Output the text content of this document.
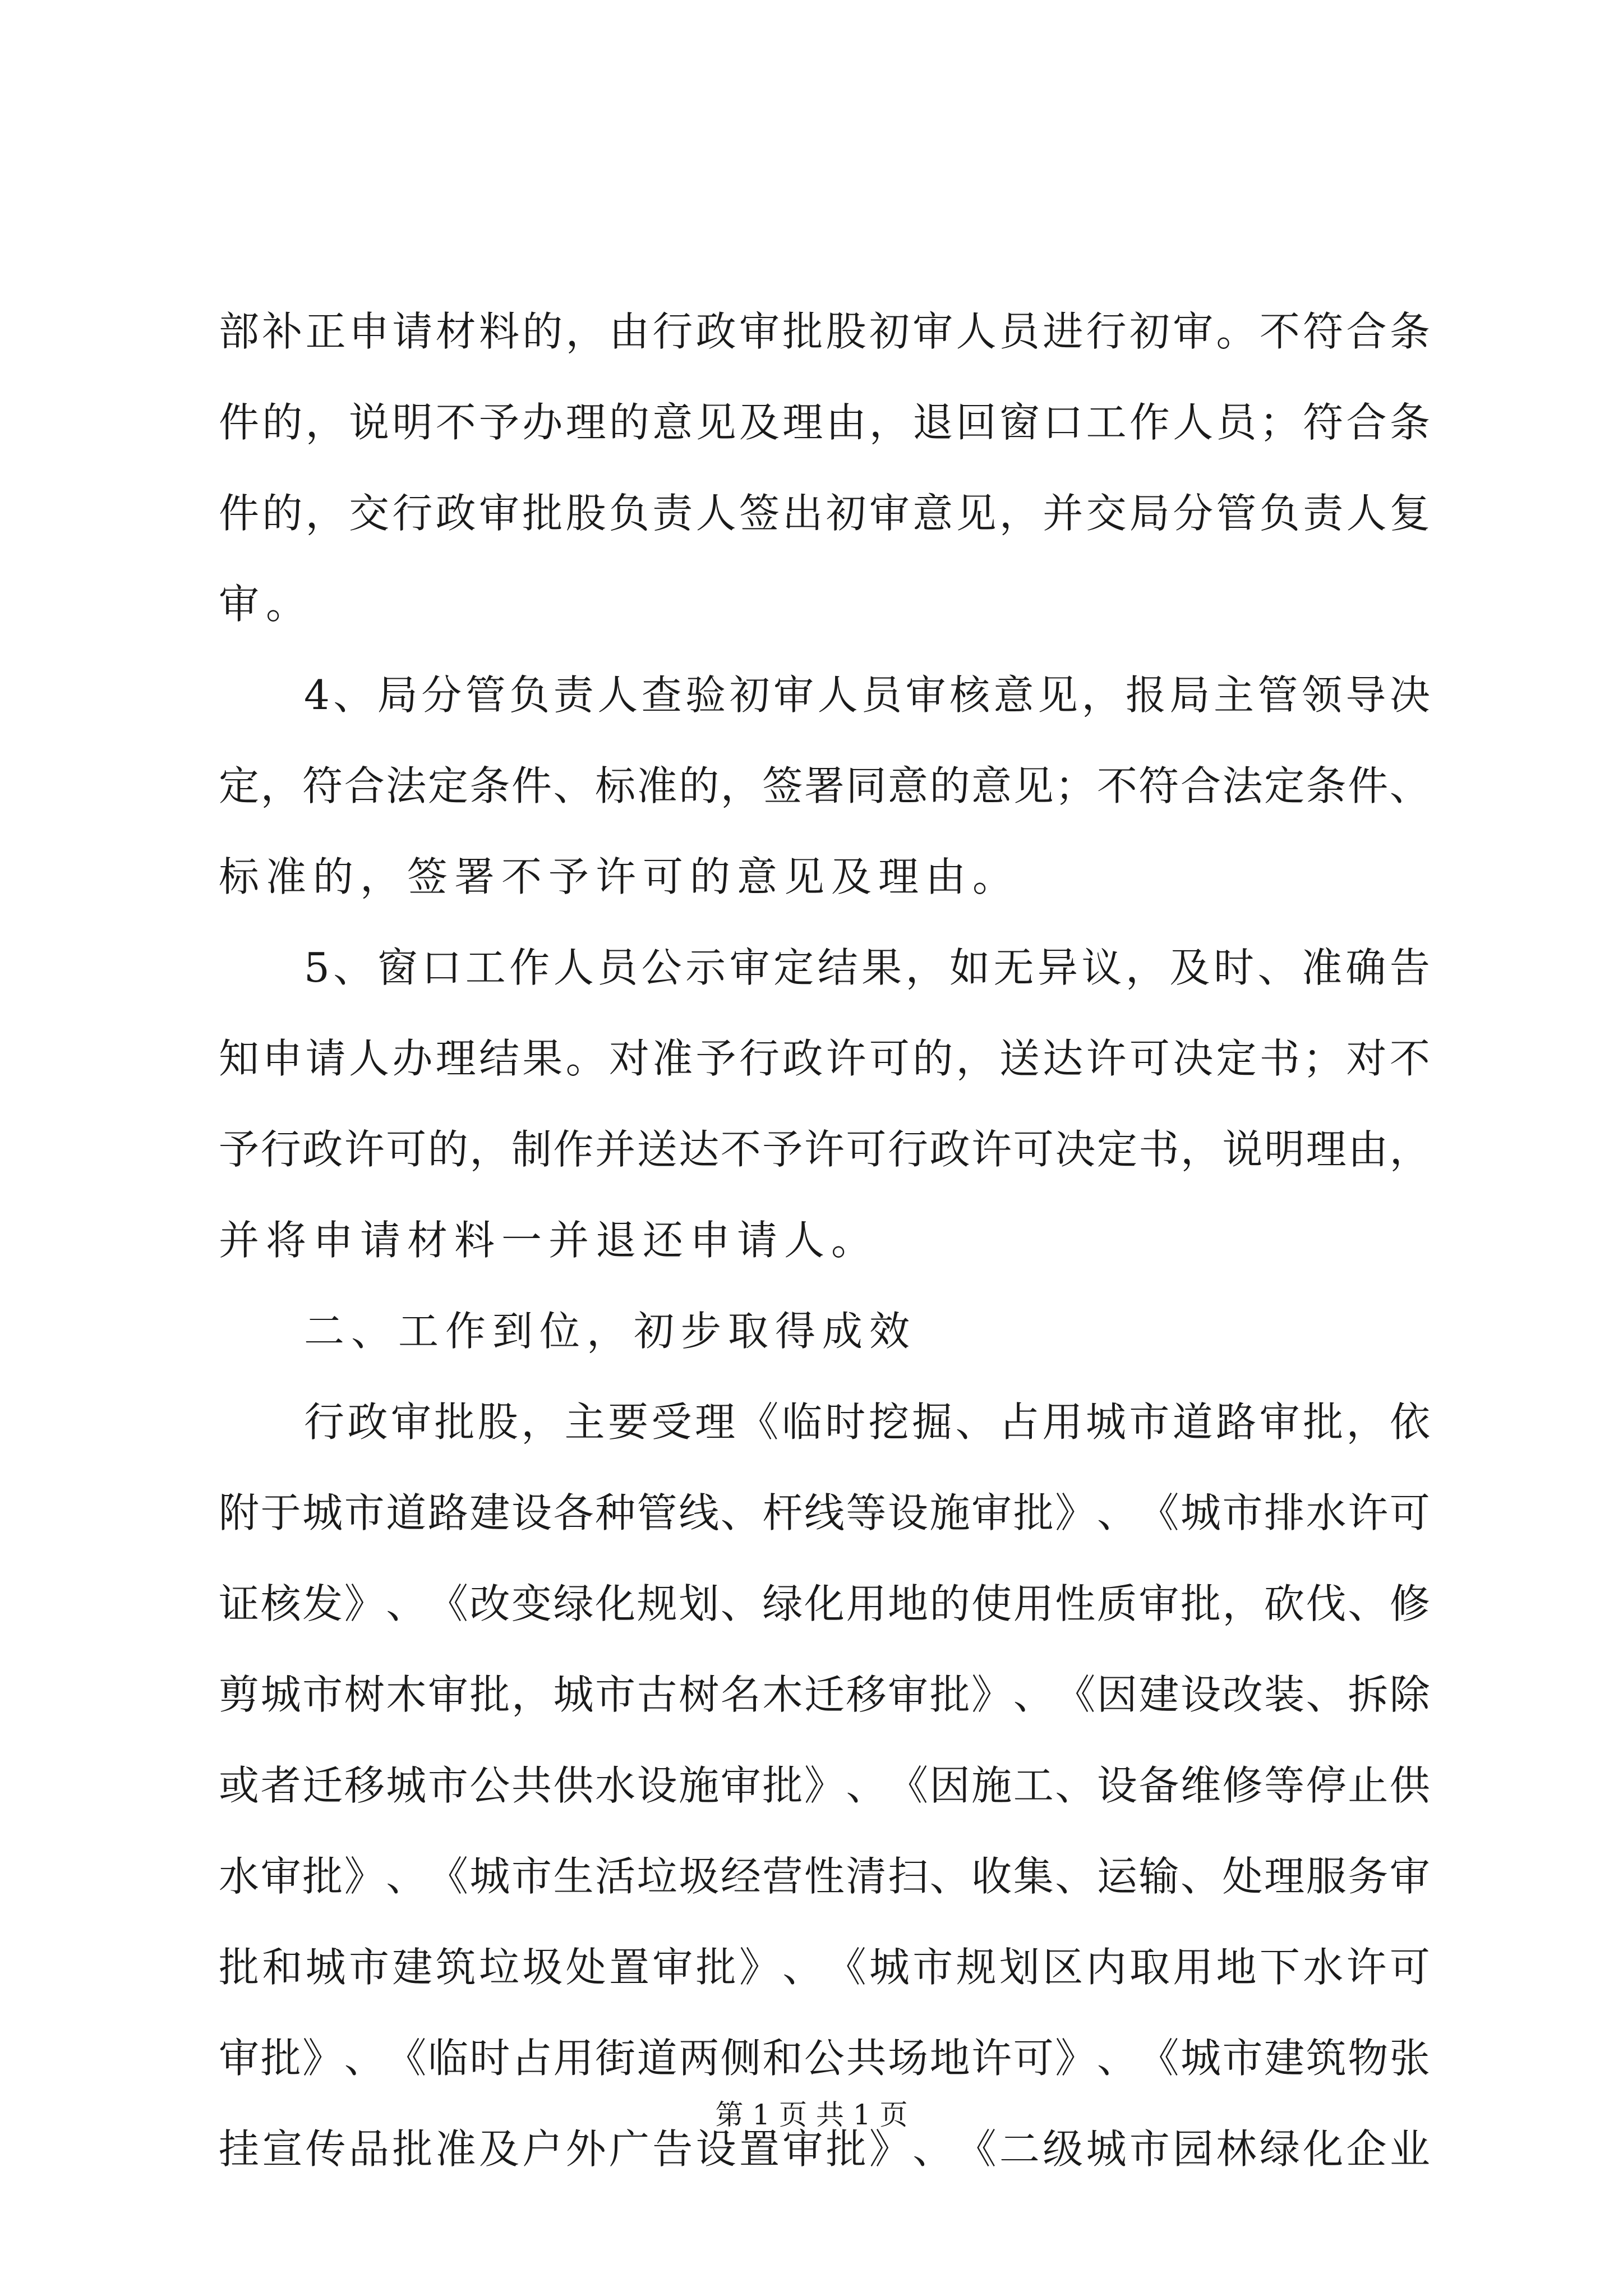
部 补 正 申 请 材 料 的 ， 由 行 政 审 批 股 初 审 人 员 进 行 初 审 。 不 符 合 条
件 的 ， 说 明 不 予 办 理 的 意 见 及 理 由 ， 退 回 窗 口 工 作 人 员 ； 符 合 条
件 的 ， 交 行 政 审 批 股 负 责 人 签 出 初 审 意 见 ， 并 交 局 分 管 负 责 人 复
审。
4 、 局 分 管 负 责 人 查 验 初 审 人 员 审 核 意 见 ， 报 局 主 管 领 导 决
定 ， 符 合 法 定 条 件 、 标 准 的 ， 签 署 同 意 的 意 见 ； 不 符 合 法 定 条 件 、
标准的，签署不予许可的意见及理由。
5 、 窗 口 工 作 人 员 公 示 审 定 结 果 ， 如 无 异 议 ， 及 时 、 准 确 告
知 申 请 人 办 理 结 果 。 对 准 予 行 政 许 可 的 ， 送 达 许 可 决 定 书 ； 对 不
予 行 政 许 可 的 ， 制 作 并 送 达 不 予 许 可 行 政 许 可 决 定 书 ， 说 明 理 由 ，
并将申请材料一并退还申请人。
二、工作到位，初步取得成效
行 政 审 批 股 ， 主 要 受 理 《 临 时 挖 掘 、 占 用 城 市 道 路 审 批 ， 依
附 于 城 市 道 路 建 设 各 种 管 线 、 杆 线 等 设 施 审 批 》 、 《 城 市 排 水 许 可
证 核 发 》 、 《 改 变 绿 化 规 划 、 绿 化 用 地 的 使 用 性 质 审 批 ， 砍 伐 、 修
剪 城 市 树 木 审 批 ， 城 市 古 树 名 木 迁 移 审 批 》 、 《 因 建 设 改 装 、 拆 除
或 者 迁 移 城 市 公 共 供 水 设 施 审 批 》 、 《 因 施 工 、 设 备 维 修 等 停 止 供
水 审 批 》 、 《 城 市 生 活 垃 圾 经 营 性 清 扫 、 收 集 、 运 输 、 处 理 服 务 审
批 和 城 市 建 筑 垃 圾 处 置 审 批 》 、 《 城 市 规 划 区 内 取 用 地 下 水 许 可
审 批 》 、 《 临 时 占 用 街 道 两 侧 和 公 共 场 地 许 可 》 、 《 城 市 建 筑 物 张
挂 宣 传 品 批 准 及 户 外 广 告 设 置 审 批 》 、 《 二 级 城 市 园 林 绿 化 企 业
第 1 页 共 1 页
